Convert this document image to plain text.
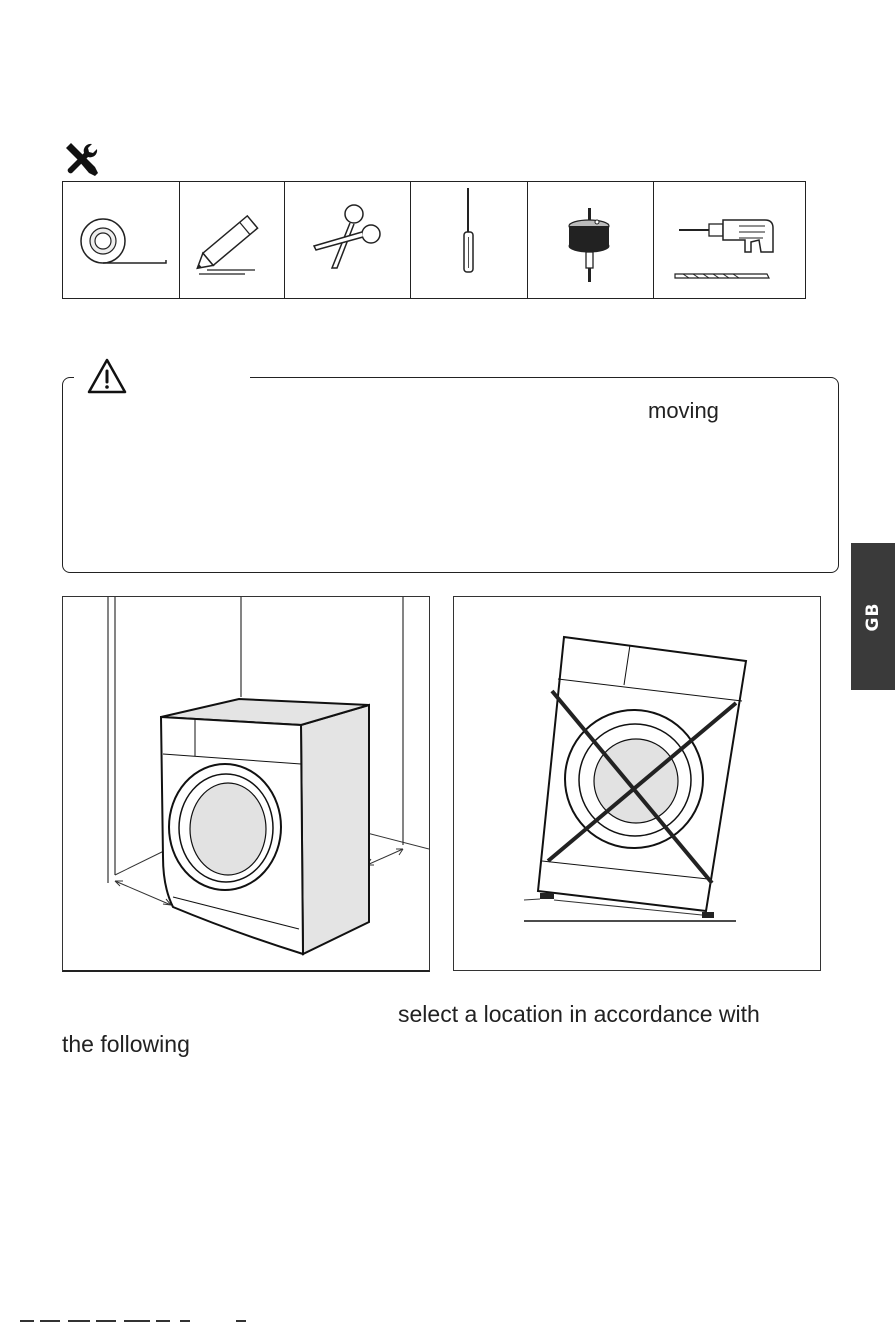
moving
GB
select a location in accordance with
the following
